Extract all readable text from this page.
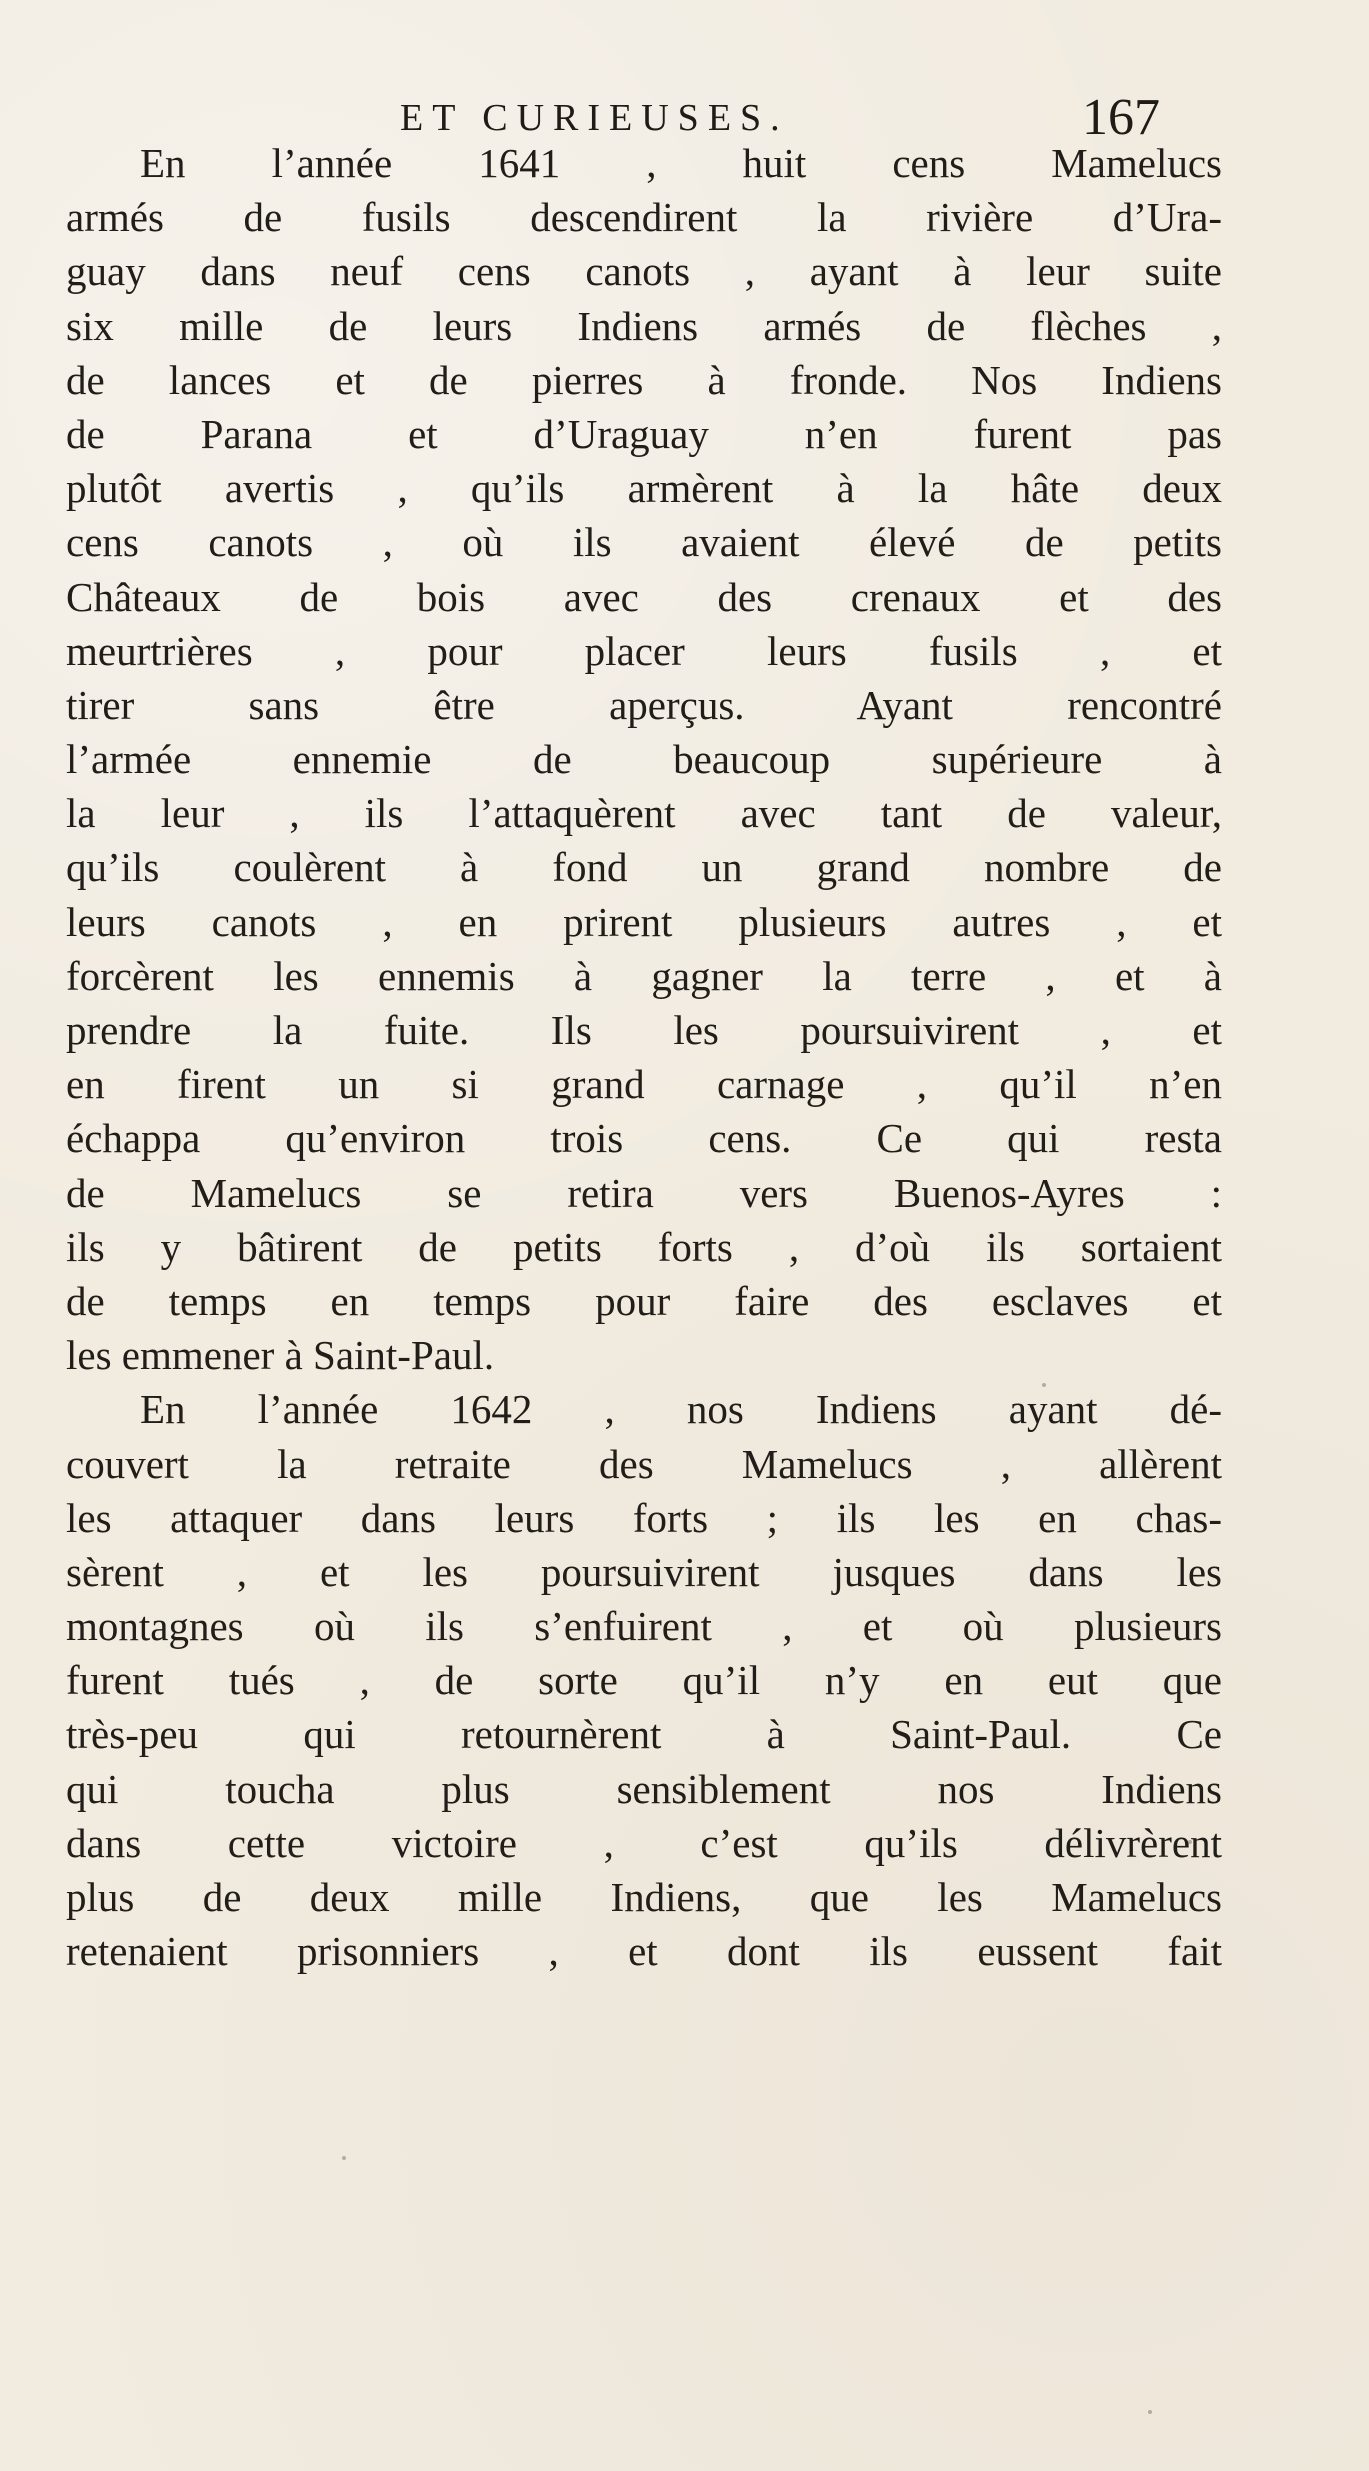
ET CURIEUSES.	167
En l’année 1641 , huit cens Mamelucs
armés de fusils descendirent la rivière d’Ura-
guay dans neuf cens canots , ayant à leur suite
six mille de leurs Indiens armés de flèches ,
de lances et de pierres à fronde. Nos Indiens
de Parana et d’Uraguay n’en furent pas
plutôt avertis , qu’ils armèrent à la hâte deux
cens canots , où ils avaient élevé de petits
Châteaux de bois avec des crenaux et des
meurtrières , pour placer leurs fusils , et
tirer sans être aperçus. Ayant rencontré
l’armée ennemie de beaucoup supérieure à
la leur , ils l’attaquèrent avec tant de valeur,
qu’ils coulèrent à fond un grand nombre de
leurs canots , en prirent plusieurs autres , et
forcèrent les ennemis à gagner la terre , et à
prendre la fuite. Ils les poursuivirent , et
en firent un si grand carnage , qu’il n’en
échappa qu’environ trois cens. Ce qui resta
de Mamelucs se retira vers Buenos-Ayres :
ils y bâtirent de petits forts , d’où ils sortaient
de temps en temps pour faire des esclaves et
les emmener à Saint-Paul.
En l’année 1642 , nos Indiens ayant dé-
couvert la retraite des Mamelucs , allèrent
les attaquer dans leurs forts ; ils les en chas-
sèrent , et les poursuivirent jusques dans les
montagnes où ils s’enfuirent , et où plusieurs
furent tués , de sorte qu’il n’y en eut que
très-peu qui retournèrent à Saint-Paul. Ce
qui toucha plus sensiblement nos Indiens
dans cette victoire , c’est qu’ils délivrèrent
plus de deux mille Indiens, que les Mamelucs
retenaient prisonniers , et dont ils eussent fait
